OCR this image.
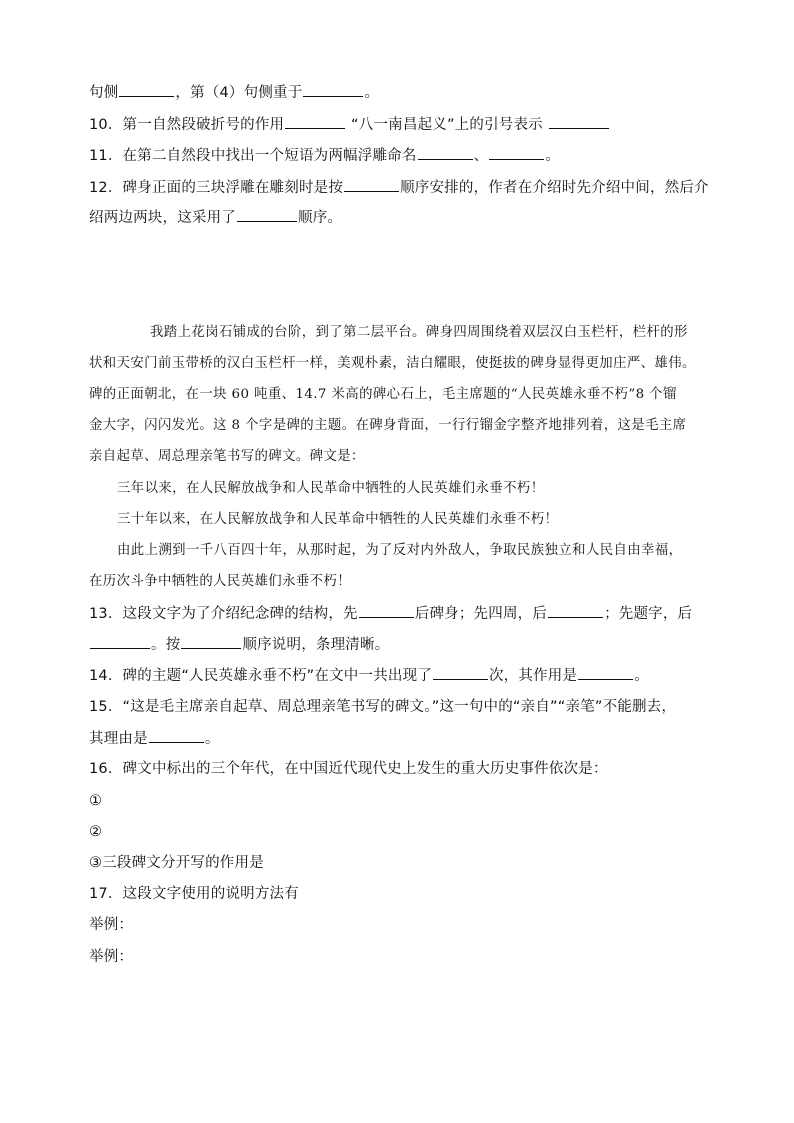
句侧	，第（4）句侧重于	。
10．第一自然段破折号的作用	“八一南昌起义”上的引号表示
11．在第二自然段中找出一个短语为两幅浮雕命名	、	。
12．碑身正面的三块浮雕在雕刻时是按	顺序安排的，作者在介绍时先介绍中间，然后介
绍两边两块，这采用了	顺序。
我踏上花岗石铺成的台阶，到了第二层平台。碑身四周围绕着双层汉白玉栏杆，栏杆的形
状和天安门前玉带桥的汉白玉栏杆一样，美观朴素，洁白耀眼，使挺拔的碑身显得更加庄严、雄伟。
碑的正面朝北，在一块 60 吨重、14.7 米高的碑心石上，毛主席题的“人民英雄永垂不朽”8 个镏
金大字，闪闪发光。这 8 个字是碑的主题。在碑身背面，一行行镏金字整齐地排列着，这是毛主席
亲自起草、周总理亲笔书写的碑文。碑文是：
三年以来，在人民解放战争和人民革命中牺牲的人民英雄们永垂不朽！
三十年以来，在人民解放战争和人民革命中牺牲的人民英雄们永垂不朽！
由此上溯到一千八百四十年，从那时起，为了反对内外敌人，争取民族独立和人民自由幸福，
在历次斗争中牺牲的人民英雄们永垂不朽！
13．这段文字为了介绍纪念碑的结构，先	后碑身；先四周，后	；先题字，后
。按	顺序说明，条理清晰。
14．碑的主题“人民英雄永垂不朽”在文中一共出现了	次，其作用是	。
15．“这是毛主席亲自起草、周总理亲笔书写的碑文。”这一句中的“亲自”“亲笔”不能删去，
其理由是	。
16．碑文中标出的三个年代，在中国近代现代史上发生的重大历史事件依次是：
①
②
③三段碑文分开写的作用是
17．这段文字使用的说明方法有
举例：
举例：
